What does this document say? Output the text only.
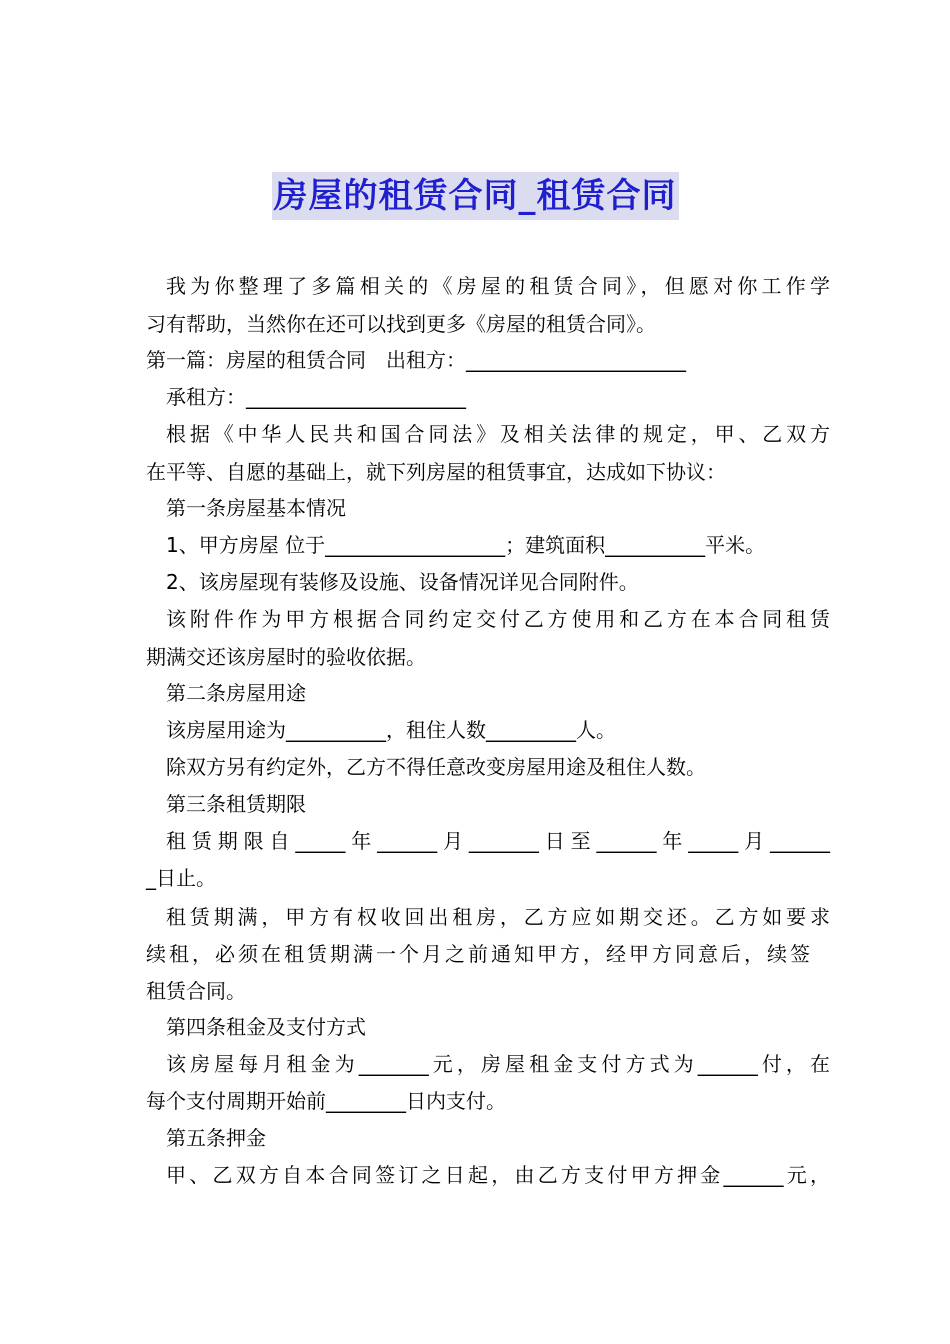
房屋的租赁合同_租赁合同

我为你整理了多篇相关的《房屋的租赁合同》，但愿对你工作学

习有帮助，当然你在还可以找到更多《房屋的租赁合同》。

第一篇：房屋的租赁合同　出租方：______________________

承租方：______________________

根据《中华人民共和国合同法》及相关法律的规定，甲、乙双方

在平等、自愿的基础上，就下列房屋的租赁事宜，达成如下协议：

第一条房屋基本情况

1、甲方房屋 位于__________________；建筑面积__________平米。

2、该房屋现有装修及设施、设备情况详见合同附件。

该附件作为甲方根据合同约定交付乙方使用和乙方在本合同租赁

期满交还该房屋时的验收依据。

第二条房屋用途

该房屋用途为__________，租住人数_________人。

除双方另有约定外，乙方不得任意改变房屋用途及租住人数。

第三条租赁期限

租赁期限自_____年______月_______日至______年_____月______

_日止。

租赁期满，甲方有权收回出租房，乙方应如期交还。乙方如要求

续租，必须在租赁期满一个月之前通知甲方，经甲方同意后，续签

租赁合同。

第四条租金及支付方式

该房屋每月租金为_______元，房屋租金支付方式为______付，在

每个支付周期开始前________日内支付。

第五条押金

甲、乙双方自本合同签订之日起，由乙方支付甲方押金______元，
